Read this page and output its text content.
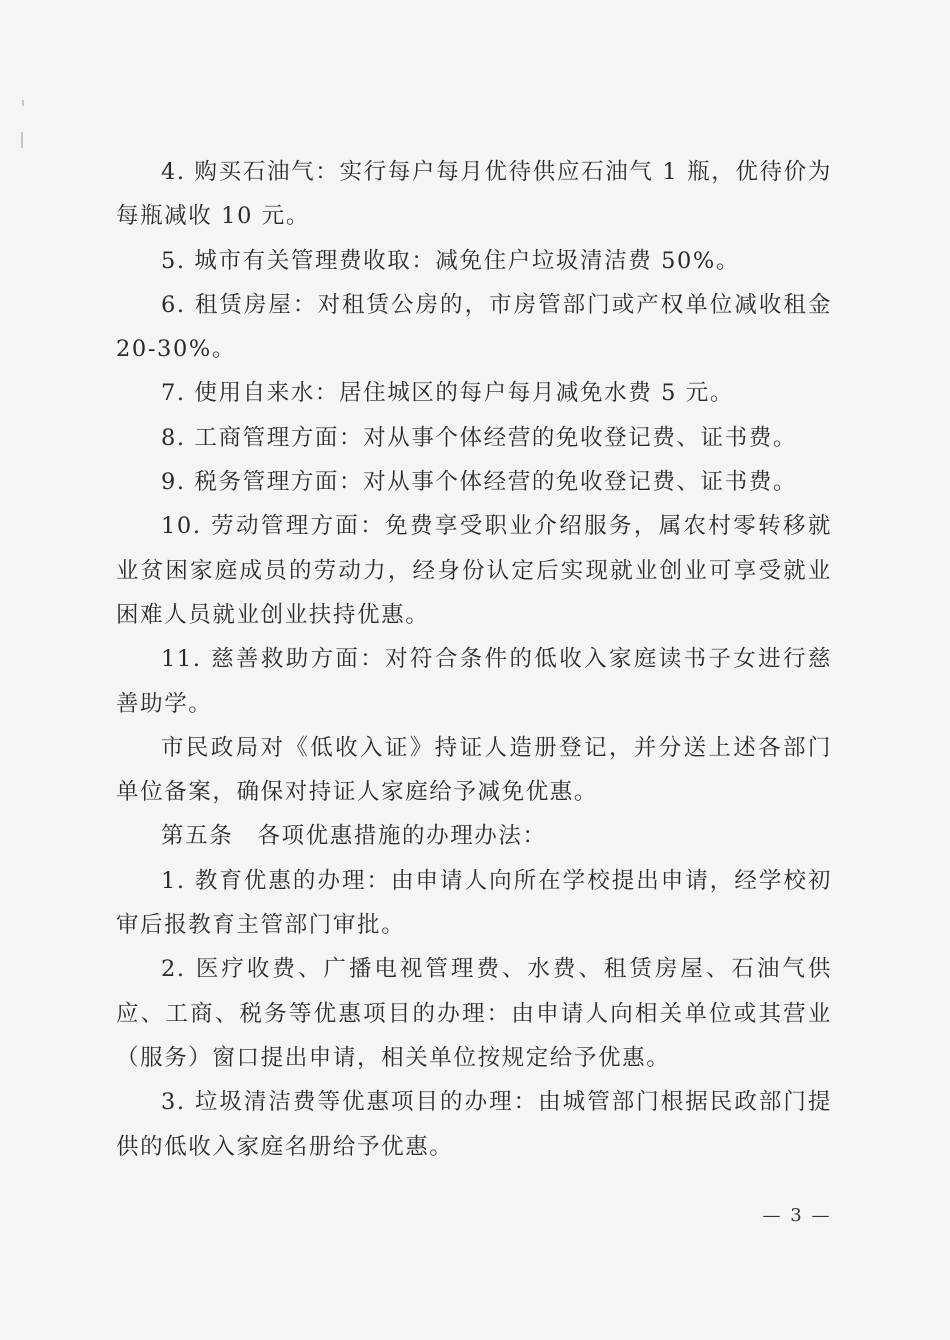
4. 购买石油气：实行每户每月优待供应石油气 1 瓶，优待价为每瓶减收 10 元。

5. 城市有关管理费收取：减免住户垃圾清洁费 50%。

6. 租赁房屋：对租赁公房的，市房管部门或产权单位减收租金 20-30%。

7. 使用自来水：居住城区的每户每月减免水费 5 元。

8. 工商管理方面：对从事个体经营的免收登记费、证书费。

9. 税务管理方面：对从事个体经营的免收登记费、证书费。

10. 劳动管理方面：免费享受职业介绍服务，属农村零转移就业贫困家庭成员的劳动力，经身份认定后实现就业创业可享受就业困难人员就业创业扶持优惠。

11. 慈善救助方面：对符合条件的低收入家庭读书子女进行慈善助学。

市民政局对《低收入证》持证人造册登记，并分送上述各部门单位备案，确保对持证人家庭给予减免优惠。

第五条　各项优惠措施的办理办法：

1. 教育优惠的办理：由申请人向所在学校提出申请，经学校初审后报教育主管部门审批。

2. 医疗收费、广播电视管理费、水费、租赁房屋、石油气供应、工商、税务等优惠项目的办理：由申请人向相关单位或其营业（服务）窗口提出申请，相关单位按规定给予优惠。

3. 垃圾清洁费等优惠项目的办理：由城管部门根据民政部门提供的低收入家庭名册给予优惠。

— 3 —
